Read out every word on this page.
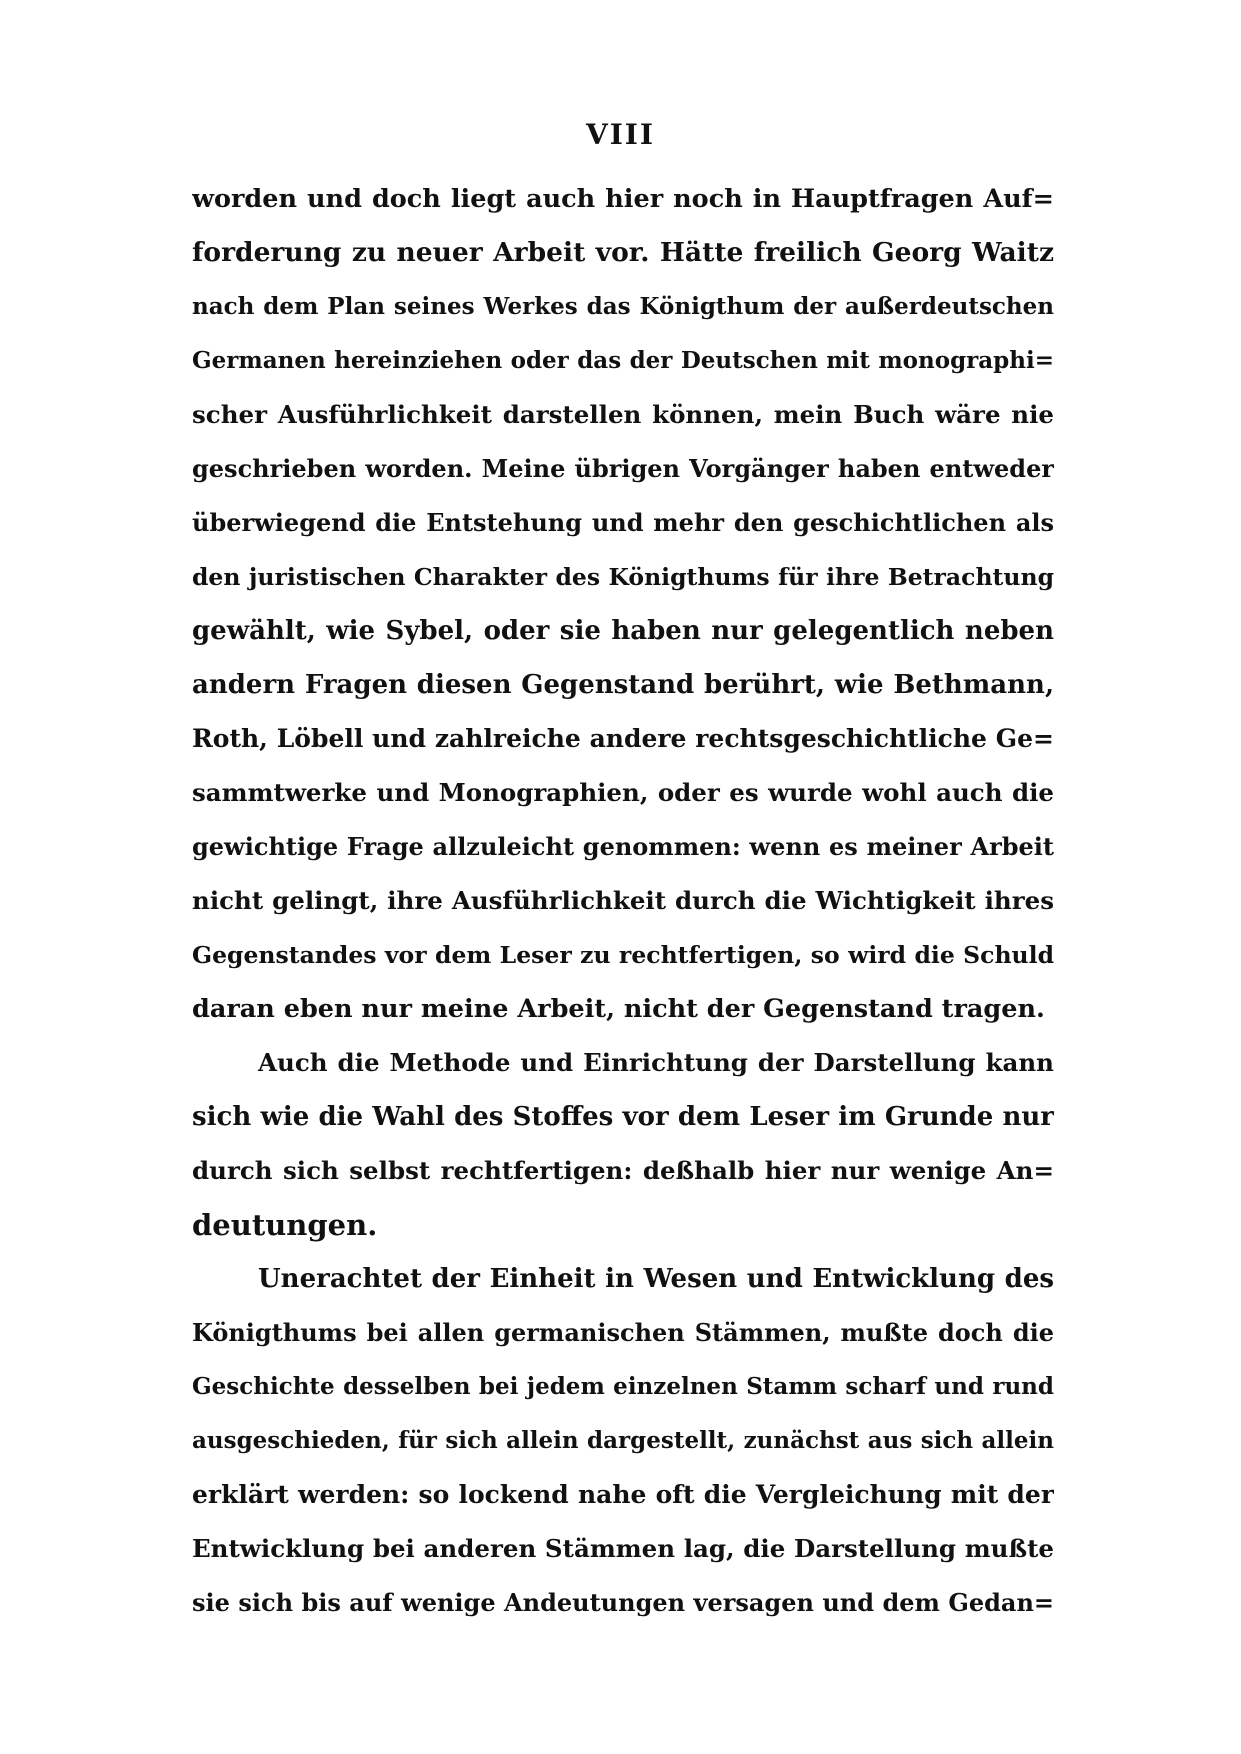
VIII
worden und doch liegt auch hier noch in Hauptfragen Auf=
forderung zu neuer Arbeit vor. Hätte freilich Georg Waitz
nach dem Plan seines Werkes das Königthum der außerdeutschen
Germanen hereinziehen oder das der Deutschen mit monographi=
scher Ausführlichkeit darstellen können, mein Buch wäre nie
geschrieben worden. Meine übrigen Vorgänger haben entweder
überwiegend die Entstehung und mehr den geschichtlichen als
den juristischen Charakter des Königthums für ihre Betrachtung
gewählt, wie Sybel, oder sie haben nur gelegentlich neben
andern Fragen diesen Gegenstand berührt, wie Bethmann,
Roth, Löbell und zahlreiche andere rechtsgeschichtliche Ge=
sammtwerke und Monographien, oder es wurde wohl auch die
gewichtige Frage allzuleicht genommen: wenn es meiner Arbeit
nicht gelingt, ihre Ausführlichkeit durch die Wichtigkeit ihres
Gegenstandes vor dem Leser zu rechtfertigen, so wird die Schuld
daran eben nur meine Arbeit, nicht der Gegenstand tragen.
Auch die Methode und Einrichtung der Darstellung kann
sich wie die Wahl des Stoffes vor dem Leser im Grunde nur
durch sich selbst rechtfertigen: deßhalb hier nur wenige An=
deutungen.
Unerachtet der Einheit in Wesen und Entwicklung des
Königthums bei allen germanischen Stämmen, mußte doch die
Geschichte desselben bei jedem einzelnen Stamm scharf und rund
ausgeschieden, für sich allein dargestellt, zunächst aus sich allein
erklärt werden: so lockend nahe oft die Vergleichung mit der
Entwicklung bei anderen Stämmen lag, die Darstellung mußte
sie sich bis auf wenige Andeutungen versagen und dem Gedan=
